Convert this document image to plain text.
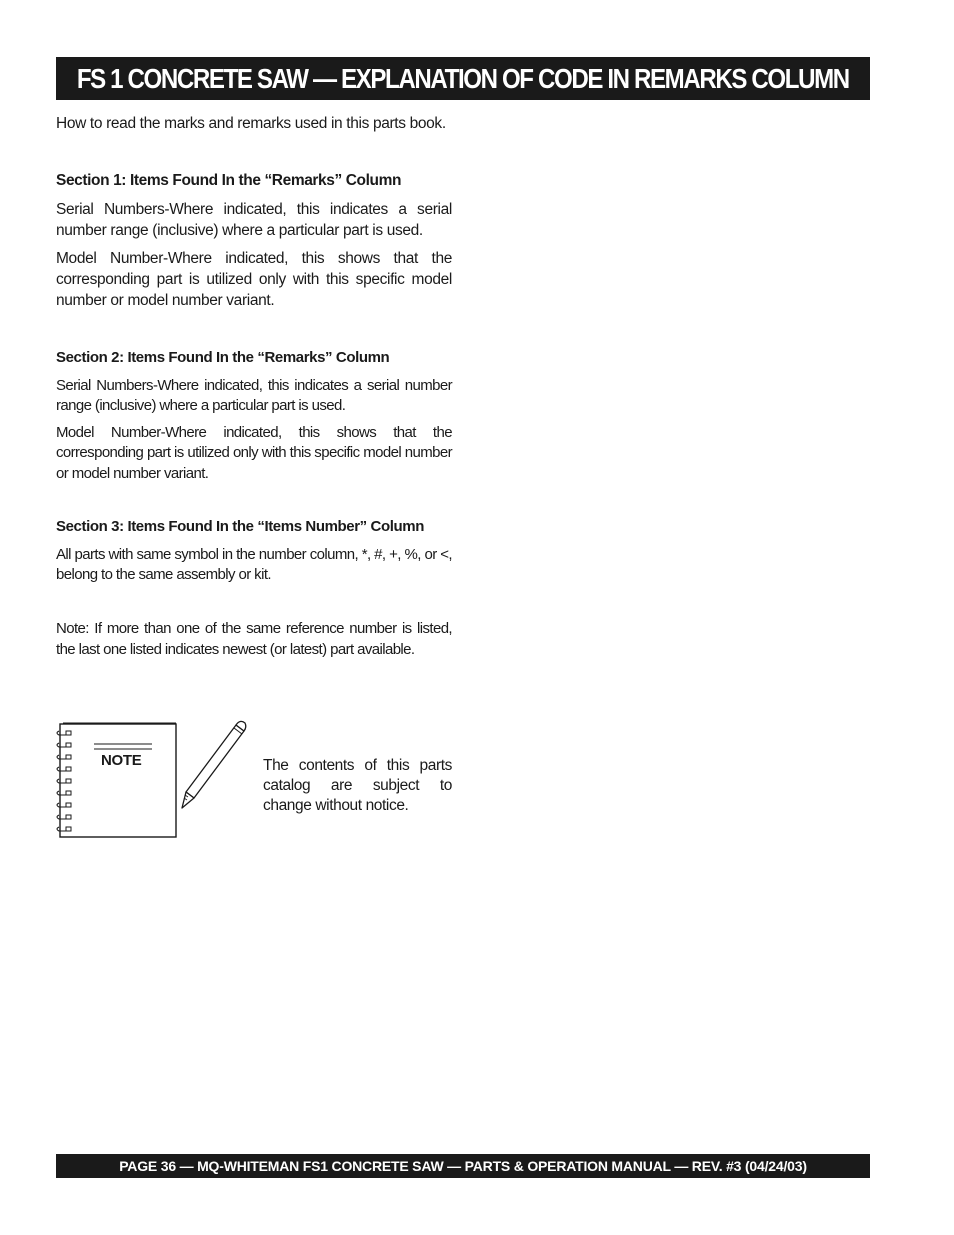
FS 1 CONCRETE SAW — EXPLANATION OF CODE IN REMARKS COLUMN

How to read the marks and remarks used in this parts book.

Section 1: Items Found In the “Remarks” Column

Serial Numbers-Where indicated, this indicates a serial number range (inclusive) where a particular part is used.

Model Number-Where indicated, this shows that the corresponding part is utilized only with this specific model number or model number variant.

Section 2: Items Found In the “Remarks” Column

Serial Numbers-Where indicated, this indicates a serial number range (inclusive) where a particular part is used.

Model Number-Where indicated, this shows that the corresponding part is utilized only with this specific model number or model number variant.

Section 3: Items Found In the “Items Number” Column

All parts with same symbol in the number column, *, #, +, %, or <, belong to the same assembly or kit.

Note: If more than one of the same reference number is listed, the last one listed indicates newest (or latest) part available.

NOTE	The contents of this parts catalog are subject to change without notice.

PAGE 36 — MQ-WHITEMAN FS1 CONCRETE SAW — PARTS & OPERATION MANUAL — REV. #3 (04/24/03)
